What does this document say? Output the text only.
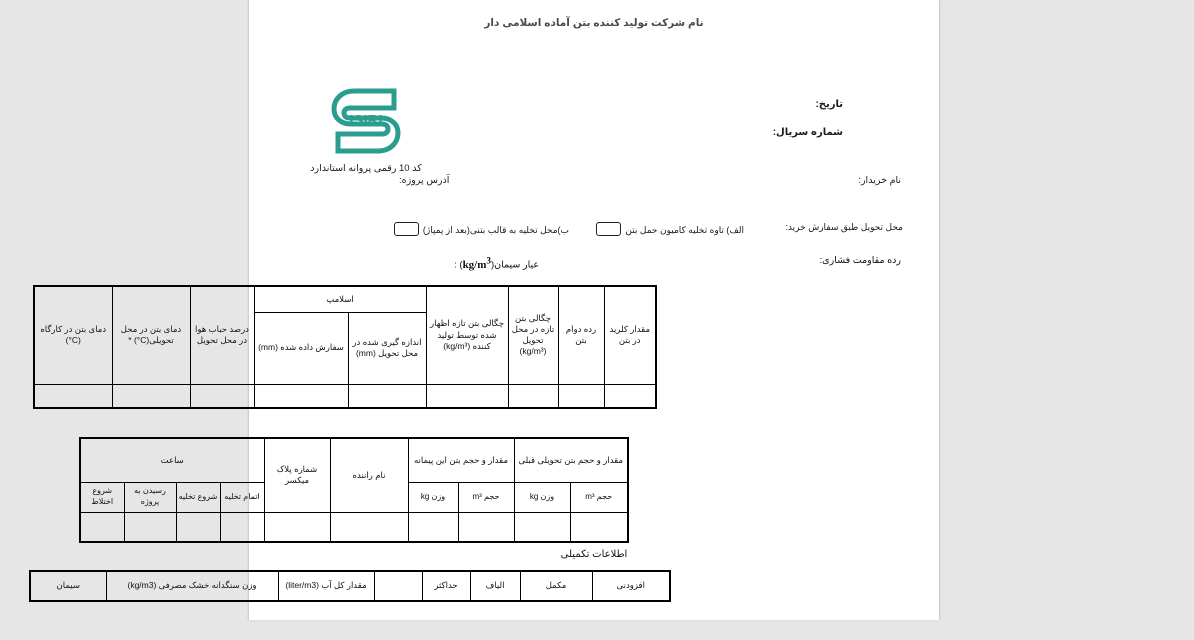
نام شرکت تولید کننده بتن آماده اسلامی دار
تاریخ:
شماره سریال:
ISIRI
کد 10 رقمی پروانه استاندارد
نام خریدار:
آدرس پروژه:
محل تحویل طبق سفارش خرید:
الف) تاوه تخلیه کامیون حمل بتن
ب)محل تخلیه به قالب بتنی(بعد از پمپاژ)
رده مقاومت فشاری:
عیار $سیمان(kg/m^3)$ :
مقدار کلرید در بتن	رده دوام بتن	چگالی بتن تازه در محل تحویل (kg/m³)	چگالی بتن تازه اظهار شده توسط تولید کننده (kg/m³)	اسلامپ		درصد حباب هوا در محل تحویل	دمای بتن در محل تحویلی(C°) *	دمای بتن در کارگاه (C°)
				اندازه گیری شده در محل تحویل (mm)	سفارش داده شده (mm)			

مقدار و حجم بتن تحویلی قبلی		مقدار و حجم بتن این پیمانه		نام راننده	شماره پلاک میکسر	ساعت			
حجم m³	وزن kg	حجم m³	وزن kg			اتمام تخلیه	شروع تخلیه	رسیدن به پروژه	شروع اختلاط

اطلاعات تکمیلی
افزودنی	مکمل	الیاف	حداکثر		مقدار کل آب (liter/m3)	وزن سنگدانه خشک مصرفی (kg/m3)	سیمان
